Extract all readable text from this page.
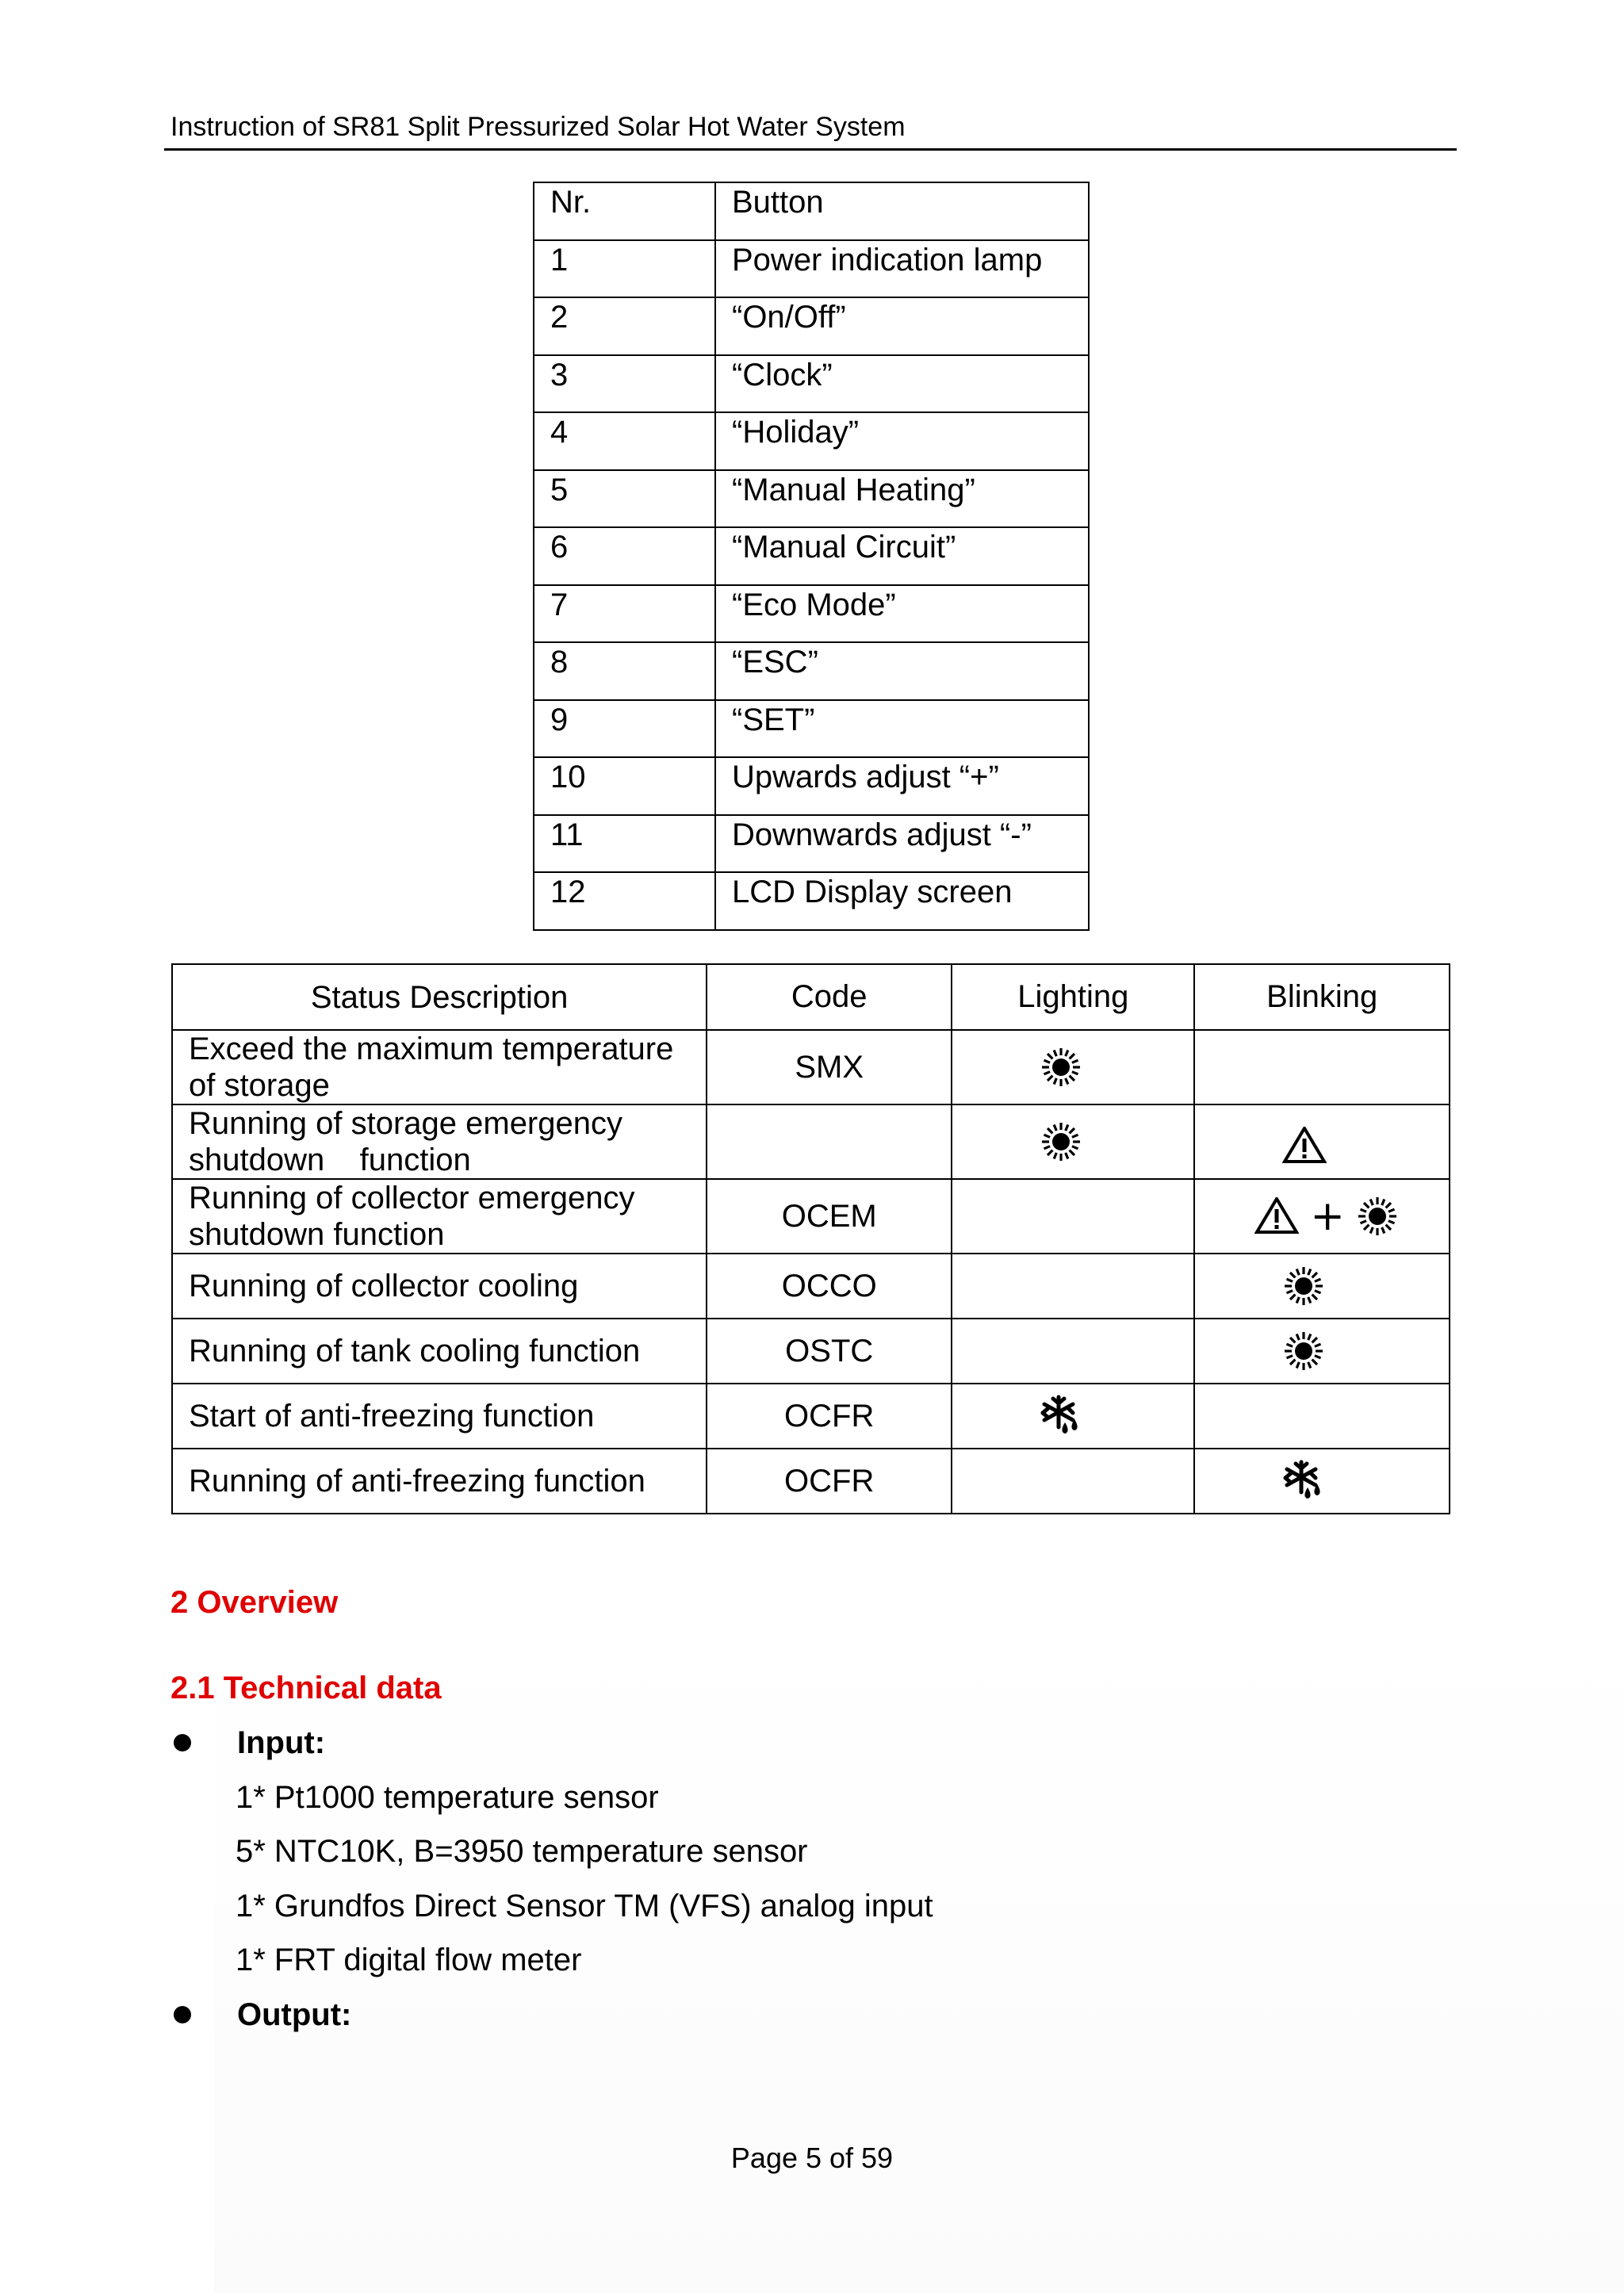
Instruction of SR81 Split Pressurized Solar Hot Water System
Nr.	Button
1	Power indication lamp
2	“On/Off”
3	“Clock”
4	“Holiday”
5	“Manual Heating”
6	“Manual Circuit”
7	“Eco Mode”
8	“ESC”
9	“SET”
10	Upwards adjust “+”
11	Downwards adjust “-”
12	LCD Display screen
Status Description	Code	Lighting	Blinking

Exceed the maximum temperature
of storage	SMX	

Running of storage emergency
shutdown    function

Running of collector emergency
shutdown function	OCEM		+

Running of collector cooling	OCCO		

Running of tank cooling function	OSTC		

Start of anti-freezing function	OCFR	

Running of anti-freezing function	OCFR		
2 Overview
2.1 Technical data
Input:
1* Pt1000 temperature sensor
5* NTC10K, B=3950 temperature sensor
1* Grundfos Direct Sensor TM (VFS) analog input
1* FRT digital flow meter
Output:
Page 5 of 59
